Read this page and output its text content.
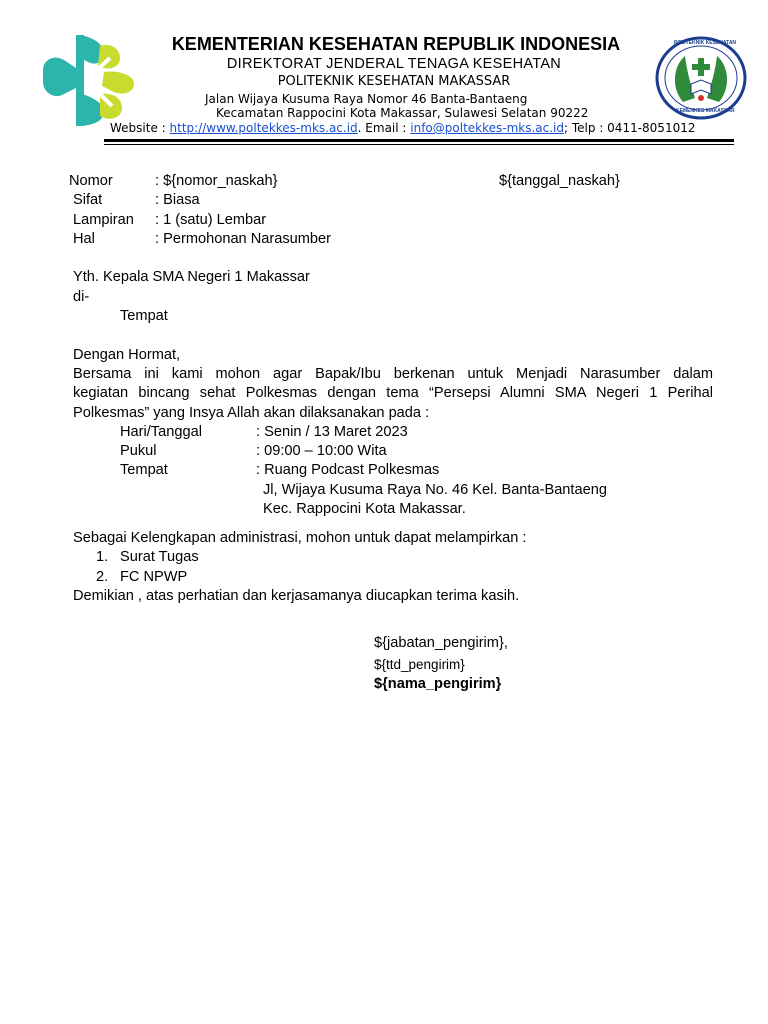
KEMENTERIAN KESEHATAN REPUBLIK INDONESIA
DIREKTORAT JENDERAL TENAGA KESEHATAN
POLITEKNIK KESEHATAN MAKASSAR
Jalan Wijaya Kusuma Raya Nomor 46 Banta-Bantaeng
Kecamatan Rappocini Kota Makassar, Sulawesi Selatan 90222
Website : http://www.poltekkes-mks.ac.id. Email : info@poltekkes-mks.ac.id; Telp : 0411-8051012
POLITEKNIK KESEHATAN
KEMENKES MAKASSAR
Nomor	: ${nomor_naskah}	${tanggal_naskah}
Sifat	: Biasa
Lampiran : 1 (satu) Lembar
Hal	: Permohonan Narasumber
Yth. Kepala SMA Negeri 1 Makassar
di-
Tempat
Dengan Hormat,
Bersama ini kami mohon agar Bapak/Ibu berkenan untuk Menjadi Narasumber dalam
kegiatan bincang sehat Polkesmas dengan tema “Persepsi Alumni SMA Negeri 1 Perihal
Polkesmas” yang Insya Allah akan dilaksanakan pada :
Hari/Tanggal	: Senin / 13 Maret 2023
Pukul	: 09:00 – 10:00 Wita
Tempat	: Ruang Podcast Polkesmas
Jl, Wijaya Kusuma Raya No. 46 Kel. Banta-Bantaeng
Kec. Rappocini Kota Makassar.
Sebagai Kelengkapan administrasi, mohon untuk dapat melampirkan :
1. Surat Tugas
2. FC NPWP
Demikian , atas perhatian dan kerjasamanya diucapkan terima kasih.
${jabatan_pengirim},
${ttd_pengirim}
${nama_pengirim}
